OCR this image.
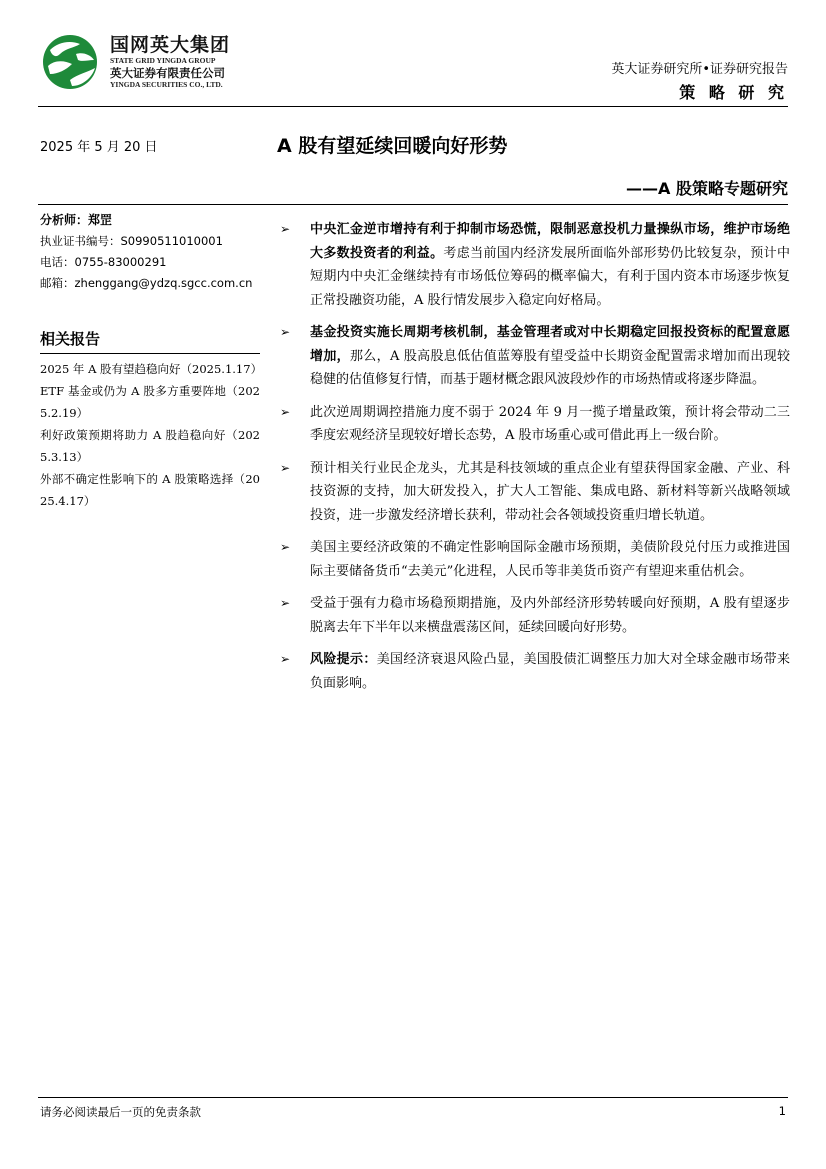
国网英大集团
STATE GRID YINGDA GROUP
英大证券有限责任公司
YINGDA SECURITIES CO., LTD.
英大证券研究所•证券研究报告
策 略 研 究
2025 年 5 月 20 日	A 股有望延续回暖向好形势
——A 股策略专题研究
分析师：郑罡
执业证书编号：S0990511010001
电话：0755-83000291
邮箱：zhenggang@ydzq.sgcc.com.cn
相关报告
2025 年 A 股有望趋稳向好（2025.1.17）
ETF 基金或仍为 A 股多方重要阵地（2025.2.19）
利好政策预期将助力 A 股趋稳向好（2025.3.13）
外部不确定性影响下的 A 股策略选择（2025.4.17）
➢ 中央汇金逆市增持有利于抑制市场恐慌，限制恶意投机力量操纵市场，维护市场绝大多数投资者的利益。考虑当前国内经济发展所面临外部形势仍比较复杂，预计中短期内中央汇金继续持有市场低位筹码的概率偏大，有利于国内资本市场逐步恢复正常投融资功能，A 股行情发展步入稳定向好格局。
➢ 基金投资实施长周期考核机制，基金管理者或对中长期稳定回报投资标的配置意愿增加，那么，A 股高股息低估值蓝筹股有望受益中长期资金配置需求增加而出现较稳健的估值修复行情，而基于题材概念跟风波段炒作的市场热情或将逐步降温。
➢ 此次逆周期调控措施力度不弱于 2024 年 9 月一揽子增量政策，预计将会带动二三季度宏观经济呈现较好增长态势，A 股市场重心或可借此再上一级台阶。
➢ 预计相关行业民企龙头，尤其是科技领域的重点企业有望获得国家金融、产业、科技资源的支持，加大研发投入，扩大人工智能、集成电路、新材料等新兴战略领域投资，进一步激发经济增长获利，带动社会各领域投资重归增长轨道。
➢ 美国主要经济政策的不确定性影响国际金融市场预期，美债阶段兑付压力或推进国际主要储备货币“去美元”化进程，人民币等非美货币资产有望迎来重估机会。
➢ 受益于强有力稳市场稳预期措施，及内外部经济形势转暖向好预期，A 股有望逐步脱离去年下半年以来横盘震荡区间，延续回暖向好形势。
➢ 风险提示：美国经济衰退风险凸显，美国股债汇调整压力加大对全球金融市场带来负面影响。
请务必阅读最后一页的免责条款	1
